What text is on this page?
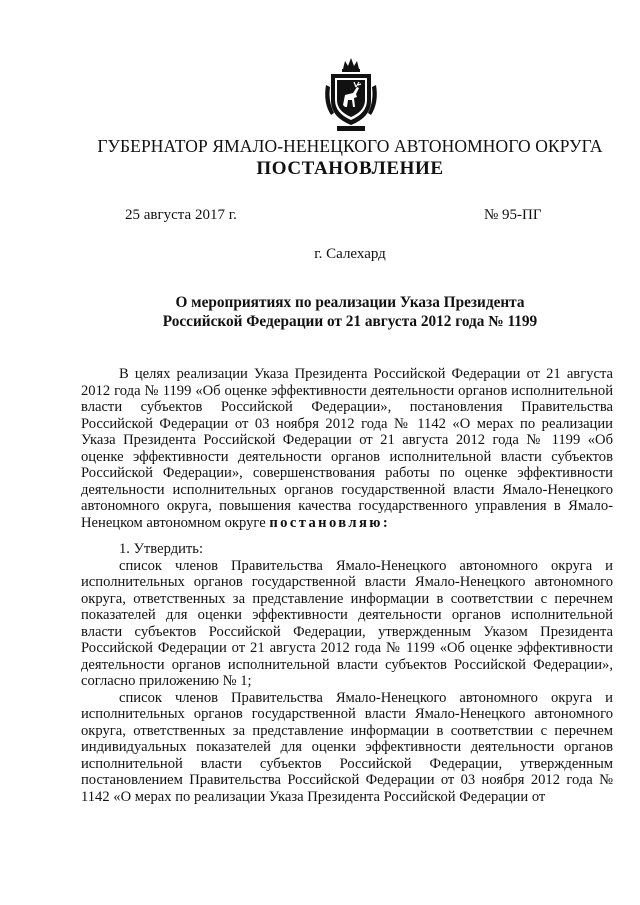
ГУБЕРНАТОР ЯМАЛО-НЕНЕЦКОГО АВТОНОМНОГО ОКРУГА
ПОСТАНОВЛЕНИЕ
25 августа 2017 г.	№ 95-ПГ
г. Салехард
О мероприятиях по реализации Указа Президента
Российской Федерации от 21 августа 2012 года № 1199

В целях реализации Указа Президента Российской Федерации от 21 августа 2012 года № 1199 «Об оценке эффективности деятельности органов исполнительной власти субъектов Российской Федерации», постановления Правительства Российской Федерации от 03 ноября 2012 года № 1142 «О мерах по реализации Указа Президента Российской Федерации от 21 августа 2012 года № 1199 «Об оценке эффективности деятельности органов исполнительной власти субъектов Российской Федерации», совершенствования работы по оценке эффективности деятельности исполнительных органов государственной власти Ямало-Ненецкого автономного округа, повышения качества государственного управления в Ямало-Ненецком автономном округе постановляю:

1. Утвердить:

список членов Правительства Ямало-Ненецкого автономного округа и исполнительных органов государственной власти Ямало-Ненецкого автономного округа, ответственных за представление информации в соответствии с перечнем показателей для оценки эффективности деятельности органов исполнительной власти субъектов Российской Федерации, утвержденным Указом Президента Российской Федерации от 21 августа 2012 года № 1199 «Об оценке эффективности деятельности органов исполнительной власти субъектов Российской Федерации», согласно приложению № 1;

список членов Правительства Ямало-Ненецкого автономного округа и исполнительных органов государственной власти Ямало-Ненецкого автономного округа, ответственных за представление информации в соответствии с перечнем индивидуальных показателей для оценки эффективности деятельности органов исполнительной власти субъектов Российской Федерации, утвержденным постановлением Правительства Российской Федерации от 03 ноября 2012 года № 1142 «О мерах по реализации Указа Президента Российской Федерации от
